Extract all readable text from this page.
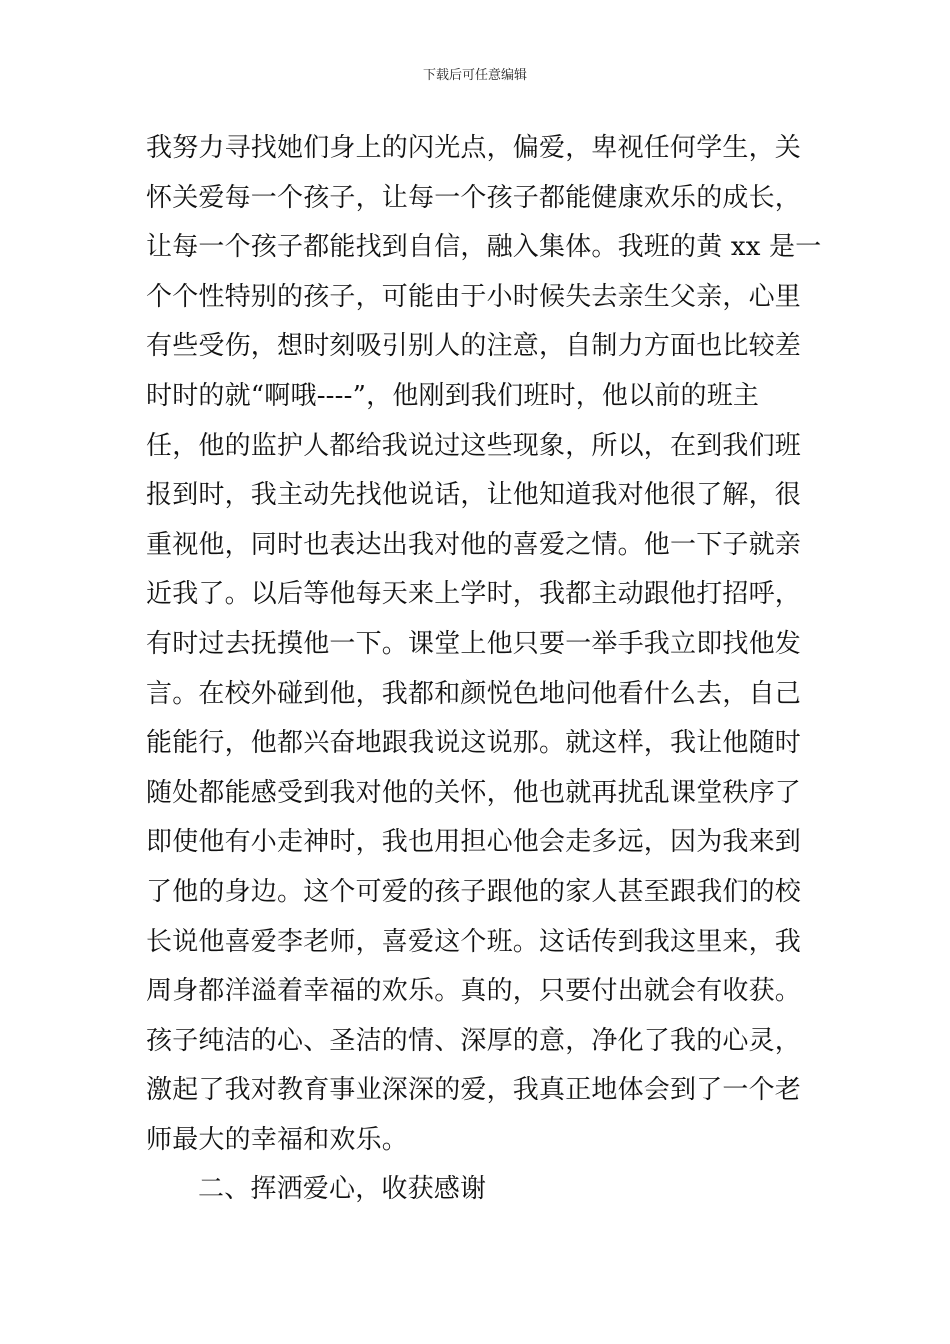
下载后可任意编辑
我努力寻找她们身上的闪光点，偏爱，卑视任何学生，关
怀关爱每一个孩子，让每一个孩子都能健康欢乐的成长，
让每一个孩子都能找到自信，融入集体。我班的黄 xx 是一
个个性特别的孩子，可能由于小时候失去亲生父亲，心里
有些受伤，想时刻吸引别人的注意，自制力方面也比较差
时时的就“啊哦----”，他刚到我们班时，他以前的班主
任，他的监护人都给我说过这些现象，所以，在到我们班
报到时，我主动先找他说话，让他知道我对他很了解，很
重视他，同时也表达出我对他的喜爱之情。他一下子就亲
近我了。以后等他每天来上学时，我都主动跟他打招呼，
有时过去抚摸他一下。课堂上他只要一举手我立即找他发
言。在校外碰到他，我都和颜悦色地问他看什么去，自己
能能行，他都兴奋地跟我说这说那。就这样，我让他随时
随处都能感受到我对他的关怀，他也就再扰乱课堂秩序了
即使他有小走神时，我也用担心他会走多远，因为我来到
了他的身边。这个可爱的孩子跟他的家人甚至跟我们的校
长说他喜爱李老师，喜爱这个班。这话传到我这里来，我
周身都洋溢着幸福的欢乐。真的，只要付出就会有收获。
孩子纯洁的心、圣洁的情、深厚的意，净化了我的心灵，
激起了我对教育事业深深的爱，我真正地体会到了一个老
师最大的幸福和欢乐。
二、挥洒爱心，收获感谢
